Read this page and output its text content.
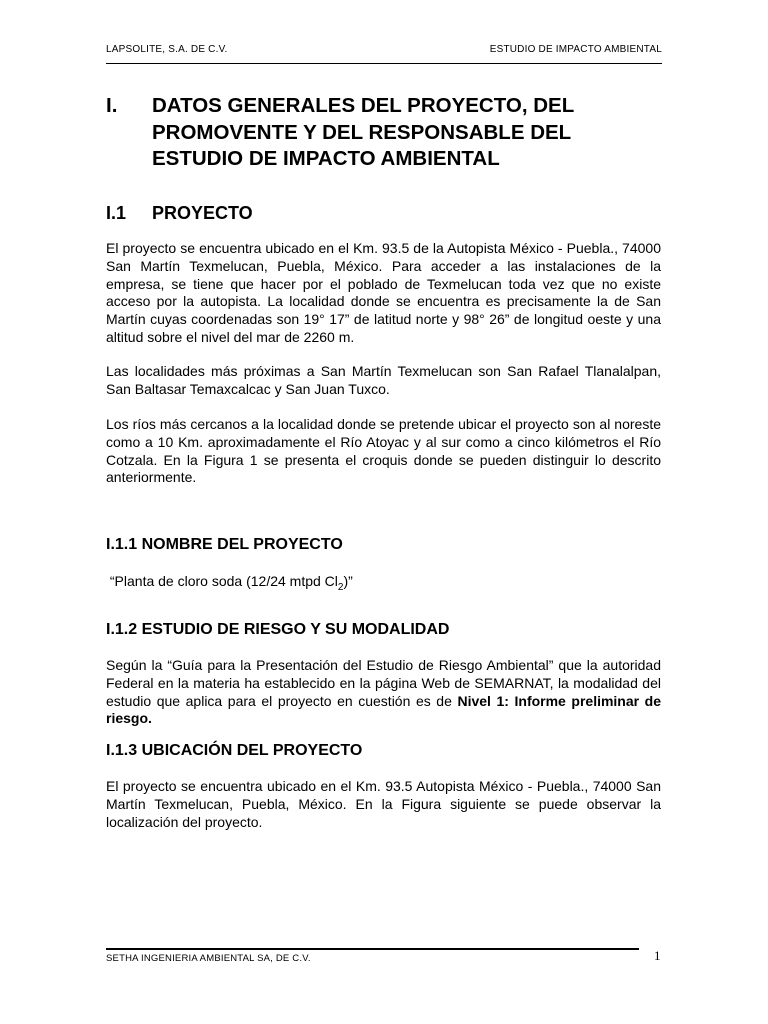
LAPSOLITE, S.A. DE C.V.	ESTUDIO DE IMPACTO AMBIENTAL
I. DATOS GENERALES DEL PROYECTO, DEL PROMOVENTE Y DEL RESPONSABLE DEL ESTUDIO DE IMPACTO AMBIENTAL
I.1 PROYECTO

El proyecto se encuentra ubicado en el Km. 93.5 de la Autopista México - Puebla., 74000 San Martín Texmelucan, Puebla, México. Para acceder a las instalaciones de la empresa, se tiene que hacer por el poblado de Texmelucan toda vez que no existe acceso por la autopista. La localidad donde se encuentra es precisamente la de San Martín cuyas coordenadas son 19° 17” de latitud norte y 98° 26” de longitud oeste y una altitud sobre el nivel del mar de 2260 m.

Las localidades más próximas a San Martín Texmelucan son San Rafael Tlanalalpan, San Baltasar Temaxcalcac y San Juan Tuxco.

Los ríos más cercanos a la localidad donde se pretende ubicar el proyecto son al noreste como a 10 Km. aproximadamente el Río Atoyac y al sur como a cinco kilómetros el Río Cotzala. En la Figura 1 se presenta el croquis donde se pueden distinguir lo descrito anteriormente.

I.1.1 NOMBRE DEL PROYECTO
“Planta de cloro soda (12/24 mtpd $Cl_2$)”
I.1.2 ESTUDIO DE RIESGO Y SU MODALIDAD

Según la “Guía para la Presentación del Estudio de Riesgo Ambiental” que la autoridad Federal en la materia ha establecido en la página Web de SEMARNAT, la modalidad del estudio que aplica para el proyecto en cuestión es de Nivel 1: Informe preliminar de riesgo.

I.1.3 UBICACIÓN DEL PROYECTO

El proyecto se encuentra ubicado en el Km. 93.5 Autopista México - Puebla., 74000 San Martín Texmelucan, Puebla, México. En la Figura siguiente se puede observar la localización del proyecto.

SETHA INGENIERIA AMBIENTAL SA, DE C.V.	1
